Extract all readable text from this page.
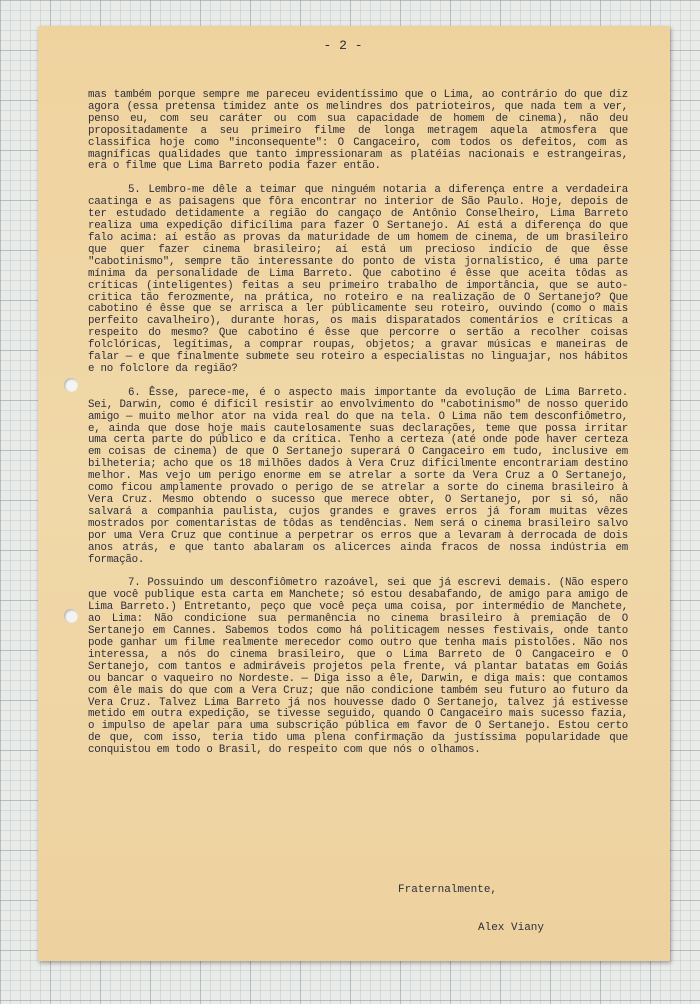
- 2 -

mas também porque sempre me pareceu evidentíssimo que o Lima, ao contrário do que diz agora (essa pretensa timidez ante os melindres dos patrioteiros, que nada tem a ver, penso eu, com seu caráter ou com sua capacidade de homem de cinema), não deu propositadamente a seu primeiro filme de longa metragem aquela atmosfera que classifica hoje como "inconsequente": O Cangaceiro, com todos os defeitos, com as magníficas qualidades que tanto impressionaram as platéias nacionais e estrangeiras, era o filme que Lima Barreto podia fazer então.

5. Lembro-me dêle a teimar que ninguém notaria a diferença entre a verdadeira caatinga e as paisagens que fôra encontrar no interior de São Paulo. Hoje, depois de ter estudado detidamente a região do cangaço de Antônio Conselheiro, Lima Barreto realiza uma expedição dificílima para fazer O Sertanejo. Aí está a diferença do que falo acima: aí estão as provas da maturidade de um homem de cinema, de um brasileiro que quer fazer cinema brasileiro; aí está um precioso indício de que êsse "cabotinismo", sempre tão interessante do ponto de vista jornalístico, é uma parte mínima da personalidade de Lima Barreto. Que cabotino é êsse que aceita tôdas as críticas (inteligentes) feitas a seu primeiro trabalho de importância, que se auto-critica tão ferozmente, na prática, no roteiro e na realização de O Sertanejo? Que cabotino é êsse que se arrisca a ler públicamente seu roteiro, ouvindo (como o mais perfeito cavalheiro), durante horas, os mais disparatados comentários e críticas a respeito do mesmo? Que cabotino é êsse que percorre o sertão a recolher coisas folclóricas, legítimas, a comprar roupas, objetos; a gravar músicas e maneiras de falar — e que finalmente submete seu roteiro a especialistas no linguajar, nos hábitos e no folclore da região?

6. Êsse, parece-me, é o aspecto mais importante da evolução de Lima Barreto. Sei, Darwin, como é difícil resistir ao envolvimento do "cabotinismo" de nosso querido amigo — muito melhor ator na vida real do que na tela. O Lima não tem desconfiômetro, e, ainda que dose hoje mais cautelosamente suas declarações, teme que possa irritar uma certa parte do público e da crítica. Tenho a certeza (até onde pode haver certeza em coisas de cinema) de que O Sertanejo superará O Cangaceiro em tudo, inclusive em bilheteria; acho que os 18 milhões dados à Vera Cruz dificilmente encontrariam destino melhor. Mas vejo um perigo enorme em se atrelar a sorte da Vera Cruz a O Sertanejo, como ficou amplamente provado o perigo de se atrelar a sorte do cinema brasileiro à Vera Cruz. Mesmo obtendo o sucesso que merece obter, O Sertanejo, por si só, não salvará a companhia paulista, cujos grandes e graves erros já foram muitas vêzes mostrados por comentaristas de tôdas as tendências. Nem será o cinema brasileiro salvo por uma Vera Cruz que continue a perpetrar os erros que a levaram à derrocada de dois anos atrás, e que tanto abalaram os alicerces ainda fracos de nossa indústria em formação.

7. Possuindo um desconfiômetro razoável, sei que já escrevi demais. (Não espero que você publique esta carta em Manchete; só estou desabafando, de amigo para amigo de Lima Barreto.) Entretanto, peço que você peça uma coisa, por intermédio de Manchete, ao Lima: Não condicione sua permanência no cinema brasileiro à premiação de O Sertanejo em Cannes. Sabemos todos como há politicagem nesses festivais, onde tanto pode ganhar um filme realmente merecedor como outro que tenha mais pistolões. Não nos interessa, a nós do cinema brasileiro, que o Lima Barreto de O Cangaceiro e O Sertanejo, com tantos e admiráveis projetos pela frente, vá plantar batatas em Goiás ou bancar o vaqueiro no Nordeste. — Diga isso a êle, Darwin, e diga mais: que contamos com êle mais do que com a Vera Cruz; que não condicione também seu futuro ao futuro da Vera Cruz. Talvez Lima Barreto já nos houvesse dado O Sertanejo, talvez já estivesse metido em outra expedição, se tivesse seguido, quando O Cangaceiro mais sucesso fazia, o impulso de apelar para uma subscrição pública em favor de O Sertanejo. Estou certo de que, com isso, teria tido uma plena confirmação da justíssima popularidade que conquistou em todo o Brasil, do respeito com que nós o olhamos.

Fraternalmente,
Alex Viany
